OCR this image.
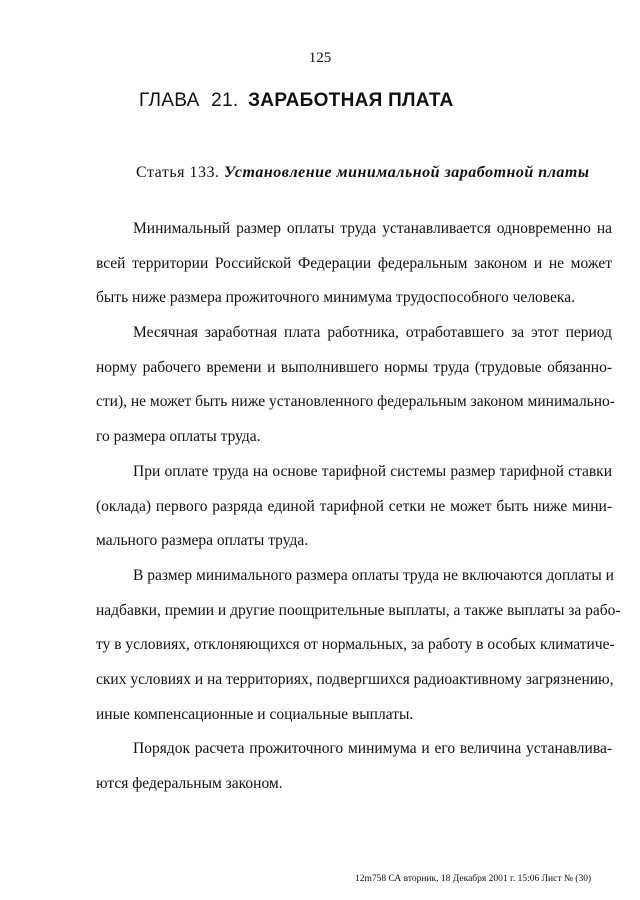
125
ГЛАВА 21. ЗАРАБОТНАЯ ПЛАТА
Статья 133. Установление минимальной заработной платы
Минимальный размер оплаты труда устанавливается одновременно на
всей территории Российской Федерации федеральным законом и не может
быть ниже размера прожиточного минимума трудоспособного человека.
Месячная заработная плата работника, отработавшего за этот период
норму рабочего времени и выполнившего нормы труда (трудовые обязанно-
сти), не может быть ниже установленного федеральным законом минимально-
го размера оплаты труда.
При оплате труда на основе тарифной системы размер тарифной ставки
(оклада) первого разряда единой тарифной сетки не может быть ниже мини-
мального размера оплаты труда.
В размер минимального размера оплаты труда не включаются доплаты и
надбавки, премии и другие поощрительные выплаты, а также выплаты за рабо-
ту в условиях, отклоняющихся от нормальных, за работу в особых климатиче-
ских условиях и на территориях, подвергшихся радиоактивному загрязнению,
иные компенсационные и социальные выплаты.
Порядок расчета прожиточного минимума и его величина устанавлива-
ются федеральным законом.
12m758 СА вторник, 18 Декабря 2001 г. 15:06 Лист № (30)
